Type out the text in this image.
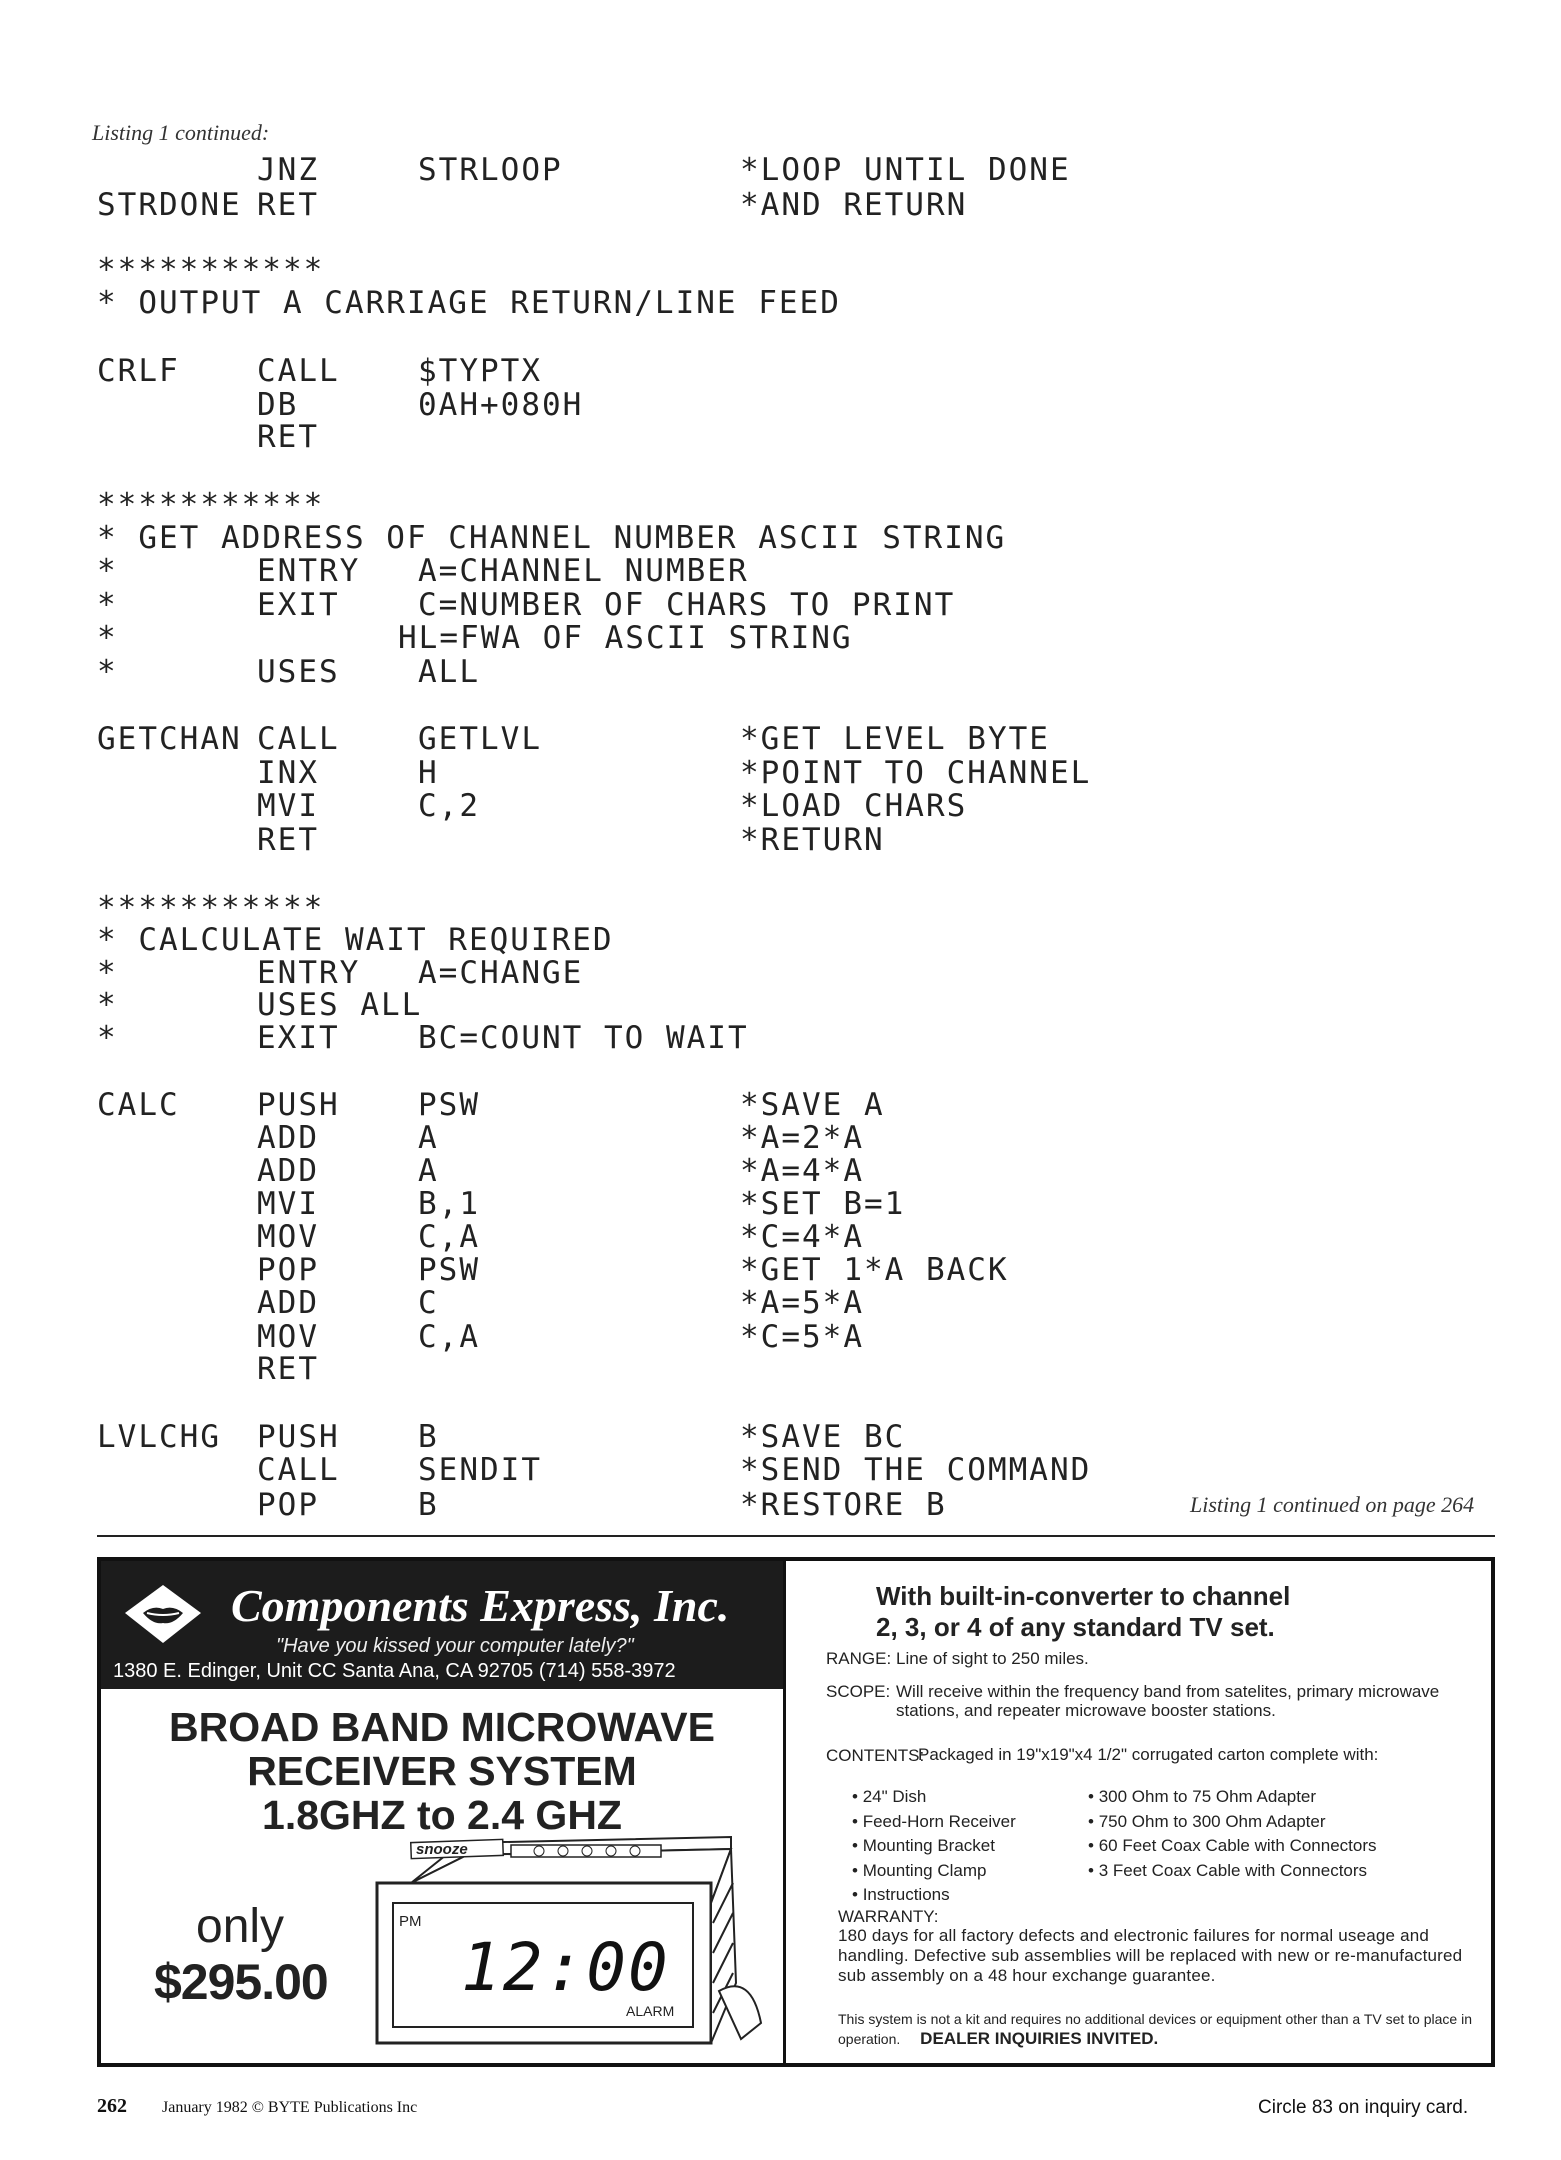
Listing 1 continued:
JNZ	STRLOOP	*LOOP UNTIL DONE
STRDONE RET	*AND RETURN
***********
* OUTPUT A CARRIAGE RETURN/LINE FEED
CRLF CALL	$TYPTX
DB	0AH+080H
RET
***********
* GET ADDRESS OF CHANNEL NUMBER ASCII STRING
*	ENTRY A=CHANNEL NUMBER
*	EXIT	C=NUMBER OF CHARS TO PRINT
*	HL=FWA OF ASCII STRING
*	USES	ALL
GETCHAN CALL	GETLVL	*GET LEVEL BYTE
INX	H	*POINT TO CHANNEL
MVI	C,2	*LOAD CHARS
RET	*RETURN
***********
* CALCULATE WAIT REQUIRED
*	ENTRY A=CHANGE
*	USES ALL
*	EXIT	BC=COUNT TO WAIT
CALC PUSH	PSW	*SAVE A
ADD	A	*A=2*A
ADD	A	*A=4*A
MVI	B,1	*SET B=1
MOV	C,A	*C=4*A
POP	PSW	*GET 1*A BACK
ADD	C	*A=5*A
MOV	C,A	*C=5*A
RET
LVLCHG PUSH	B	*SAVE BC
CALL	SENDIT	*SEND THE COMMAND
POP	B	*RESTORE B	Listing 1 continued on page 264
Components Express, Inc.
"Have you kissed your computer lately?"
1380 E. Edinger, Unit CC Santa Ana, CA 92705 (714) 558-3972
BROAD BAND MICROWAVE
RECEIVER SYSTEM
1.8GHZ to 2.4 GHZ
only
$295.00
snooze
PM
12:00
ALARM
With built-in-converter to channel
2, 3, or 4 of any standard TV set.
RANGE: Line of sight to 250 miles.
SCOPE: Will receive within the frequency band from satelites, primary microwave stations, and repeater microwave booster stations.
CONTENTS:
Packaged in 19"x19"x4 1/2" corrugated carton complete with:
• 24" Dish
• Feed-Horn Receiver
• Mounting Bracket
• Mounting Clamp
• Instructions
• 300 Ohm to 75 Ohm Adapter
• 750 Ohm to 300 Ohm Adapter
• 60 Feet Coax Cable with Connectors
• 3 Feet Coax Cable with Connectors
WARRANTY:
180 days for all factory defects and electronic failures for normal useage and handling. Defective sub assemblies will be replaced with new or re-manufactured sub assembly on a 48 hour exchange guarantee.
This system is not a kit and requires no additional devices or equipment other than a TV set to place in operation. DEALER INQUIRIES INVITED.
262 January 1982 © BYTE Publications Inc	Circle 83 on inquiry card.
